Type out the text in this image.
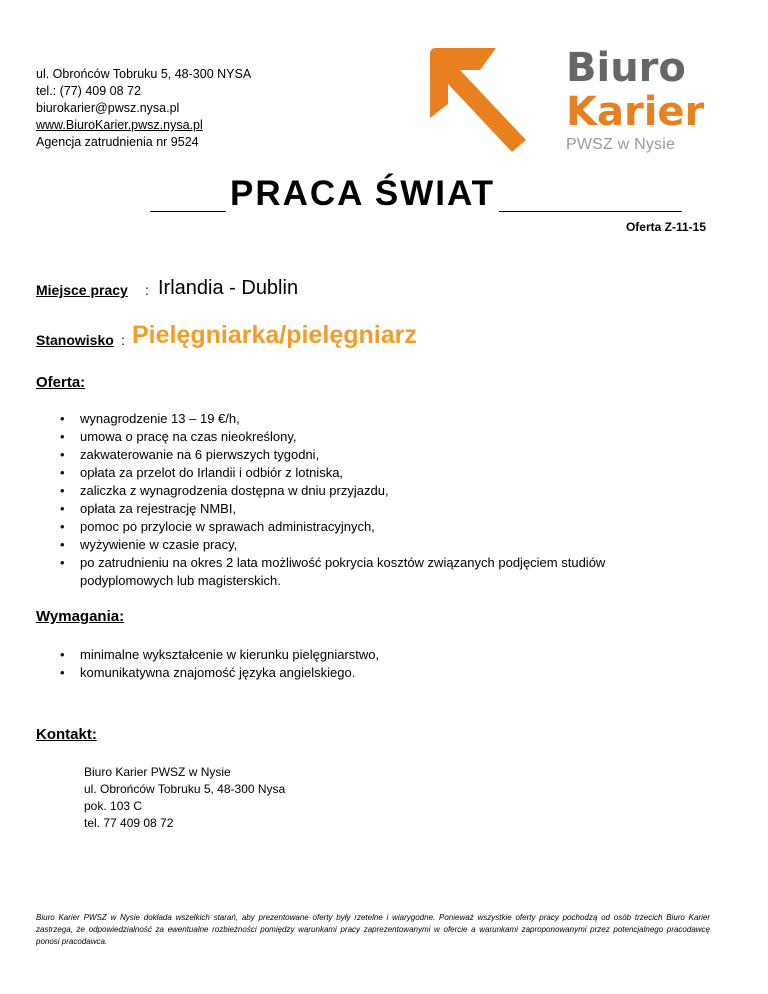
ul. Obrońców Tobruku 5, 48-300 NYSA
tel.: (77) 409 08 72
biurokarier@pwsz.nysa.pl
www.BiuroKarier.pwsz.nysa.pl
Agencja zatrudnienia nr 9524
Biuro
Karier
PWSZ w Nysie
PRACA ŚWIAT
Oferta Z-11-15
Miejsce pracy : Irlandia - Dublin
Stanowisko : Pielęgniarka/pielęgniarz
Oferta:
• wynagrodzenie 13 – 19 €/h,
• umowa o pracę na czas nieokreślony,
• zakwaterowanie na 6 pierwszych tygodni,
• opłata za przelot do Irlandii i odbiór z lotniska,
• zaliczka z wynagrodzenia dostępna w dniu przyjazdu,
• opłata za rejestrację NMBI,
• pomoc po przylocie w sprawach administracyjnych,
• wyżywienie w czasie pracy,
• po zatrudnieniu na okres 2 lata możliwość pokrycia kosztów związanych podjęciem studiów podyplomowych lub magisterskich.
Wymagania:
• minimalne wykształcenie w kierunku pielęgniarstwo,
• komunikatywna znajomość języka angielskiego.
Kontakt:
Biuro Karier PWSZ w Nysie
ul. Obrońców Tobruku 5, 48-300 Nysa
pok. 103 C
tel. 77 409 08 72
Biuro Karier PWSZ w Nysie dokłada wszelkich starań, aby prezentowane oferty były rzetelne i wiarygodne. Ponieważ wszystkie oferty pracy pochodzą od osób trzecich Biuro Karier zastrzega, że odpowiedzialność za ewentualne rozbieżności pomiędzy warunkami pracy zaprezentowanymi w ofercie a warunkami zaproponowanymi przez potencjalnego pracodawcę ponosi pracodawca.
